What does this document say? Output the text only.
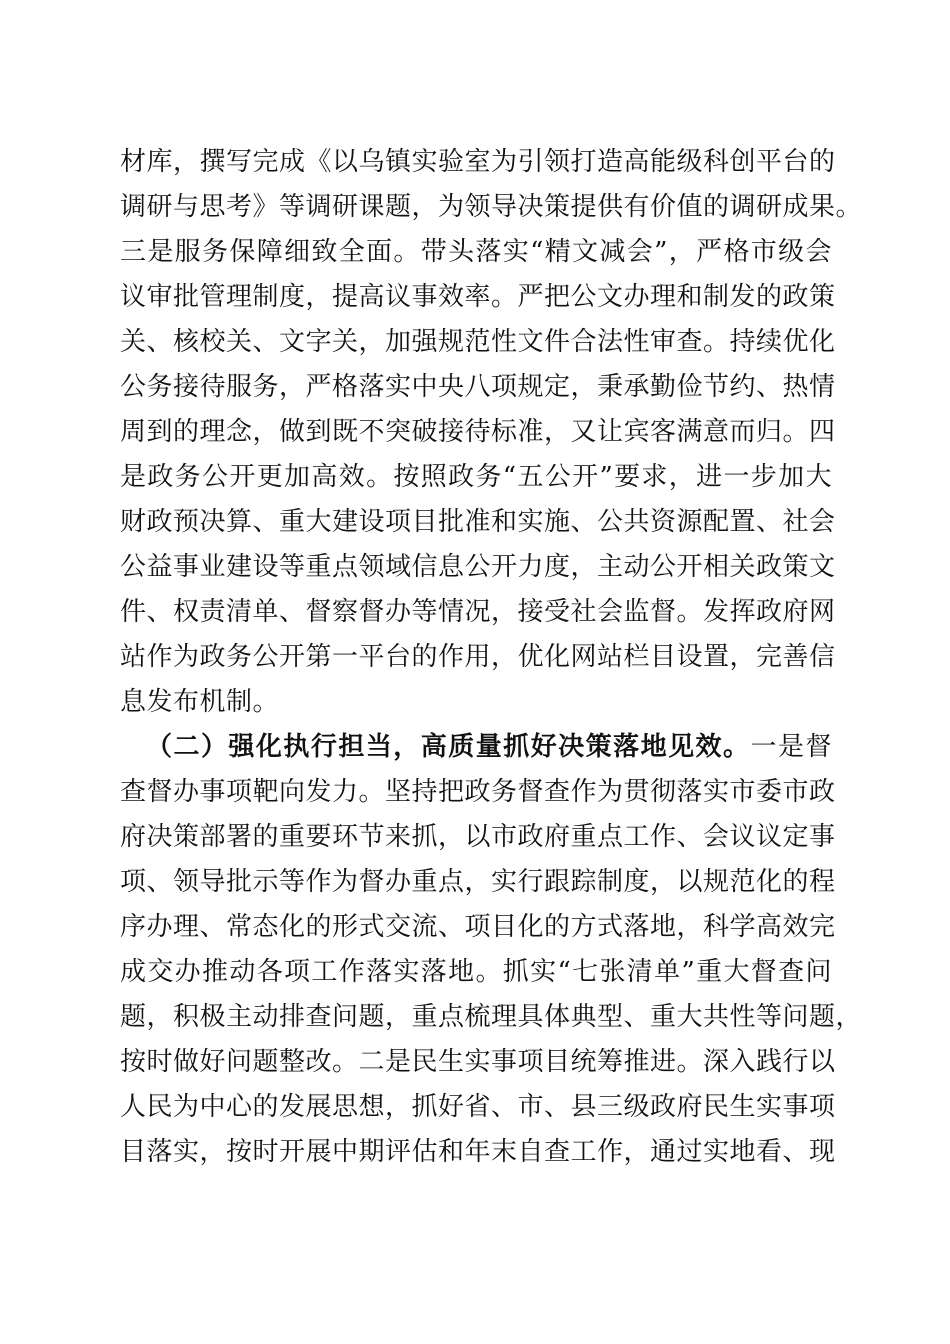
材库，撰写完成《以乌镇实验室为引领打造高能级科创平台的
调研与思考》等调研课题，为领导决策提供有价值的调研成果。
三是服务保障细致全面。带头落实“精文减会”，严格市级会
议审批管理制度，提高议事效率。严把公文办理和制发的政策
关、核校关、文字关，加强规范性文件合法性审查。持续优化
公务接待服务，严格落实中央八项规定，秉承勤俭节约、热情
周到的理念，做到既不突破接待标准，又让宾客满意而归。四
是政务公开更加高效。按照政务“五公开”要求，进一步加大
财政预决算、重大建设项目批准和实施、公共资源配置、社会
公益事业建设等重点领域信息公开力度，主动公开相关政策文
件、权责清单、督察督办等情况，接受社会监督。发挥政府网
站作为政务公开第一平台的作用，优化网站栏目设置，完善信
息发布机制。
（二）强化执行担当，高质量抓好决策落地见效。一是督
查督办事项靶向发力。坚持把政务督查作为贯彻落实市委市政
府决策部署的重要环节来抓，以市政府重点工作、会议议定事
项、领导批示等作为督办重点，实行跟踪制度，以规范化的程
序办理、常态化的形式交流、项目化的方式落地，科学高效完
成交办推动各项工作落实落地。抓实“七张清单”重大督查问
题，积极主动排查问题，重点梳理具体典型、重大共性等问题，
按时做好问题整改。二是民生实事项目统筹推进。深入践行以
人民为中心的发展思想，抓好省、市、县三级政府民生实事项
目落实，按时开展中期评估和年末自查工作，通过实地看、现
